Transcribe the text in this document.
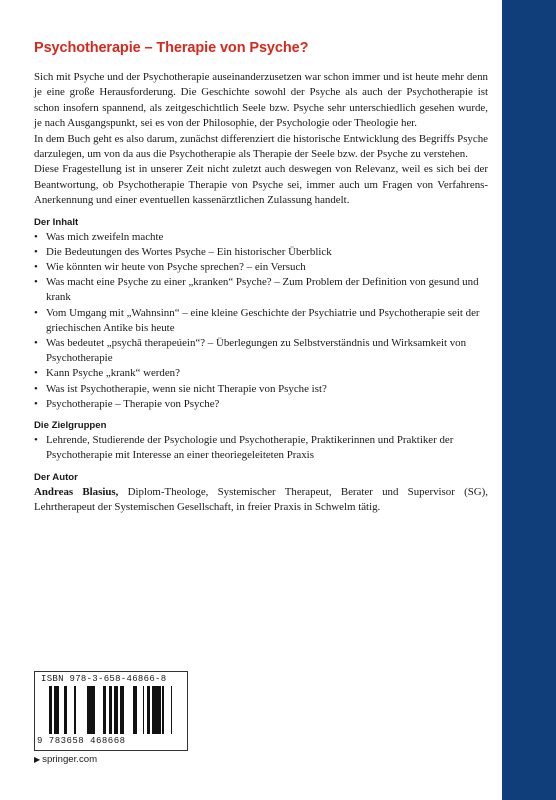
Psychotherapie – Therapie von Psyche?

Sich mit Psyche und der Psychotherapie auseinanderzusetzen war schon immer und ist heute mehr denn je eine große Herausforderung. Die Geschichte sowohl der Psyche als auch der Psychotherapie ist schon insofern spannend, als zeitgeschichtlich Seele bzw. Psyche sehr unterschiedlich gesehen wurde, je nach Ausgangspunkt, sei es von der Philosophie, der Psychologie oder Theologie her.

In dem Buch geht es also darum, zunächst differenziert die historische Entwicklung des Begriffs Psyche darzulegen, um von da aus die Psychotherapie als Therapie der Seele bzw. der Psyche zu verstehen.

Diese Fragestellung ist in unserer Zeit nicht zuletzt auch deswegen von Relevanz, weil es sich bei der Beantwortung, ob Psychotherapie Therapie von Psyche sei, immer auch um Fragen von Verfahrens-Anerkennung und einer eventuellen kassenärztlichen Zulassung handelt.

Der Inhalt
• Was mich zweifeln machte
• Die Bedeutungen des Wortes Psyche – Ein historischer Überblick
• Wie könnten wir heute von Psyche sprechen? – ein Versuch
• Was macht eine Psyche zu einer „kranken“ Psyche? – Zum Problem der Definition von gesund und krank
• Vom Umgang mit „Wahnsinn“ – eine kleine Geschichte der Psychiatrie und Psychotherapie seit der griechischen Antike bis heute
• Was bedeutet „psychā therapeúein“? – Überlegungen zu Selbstverständnis und Wirksamkeit von Psychotherapie
• Kann Psyche „krank“ werden?
• Was ist Psychotherapie, wenn sie nicht Therapie von Psyche ist?
• Psychotherapie – Therapie von Psyche?
Die Zielgruppen
• Lehrende, Studierende der Psychologie und Psychotherapie, Praktikerinnen und Praktiker der Psychotherapie mit Interesse an einer theoriegeleiteten Praxis
Der Autor

Andreas Blasius, Diplom-Theologe, Systemischer Therapeut, Berater und Supervisor (SG), Lehrtherapeut der Systemischen Gesellschaft, in freier Praxis in Schwelm tätig.

ISBN 978-3-658-46866-8
9 783658 468668
▶ springer.com
